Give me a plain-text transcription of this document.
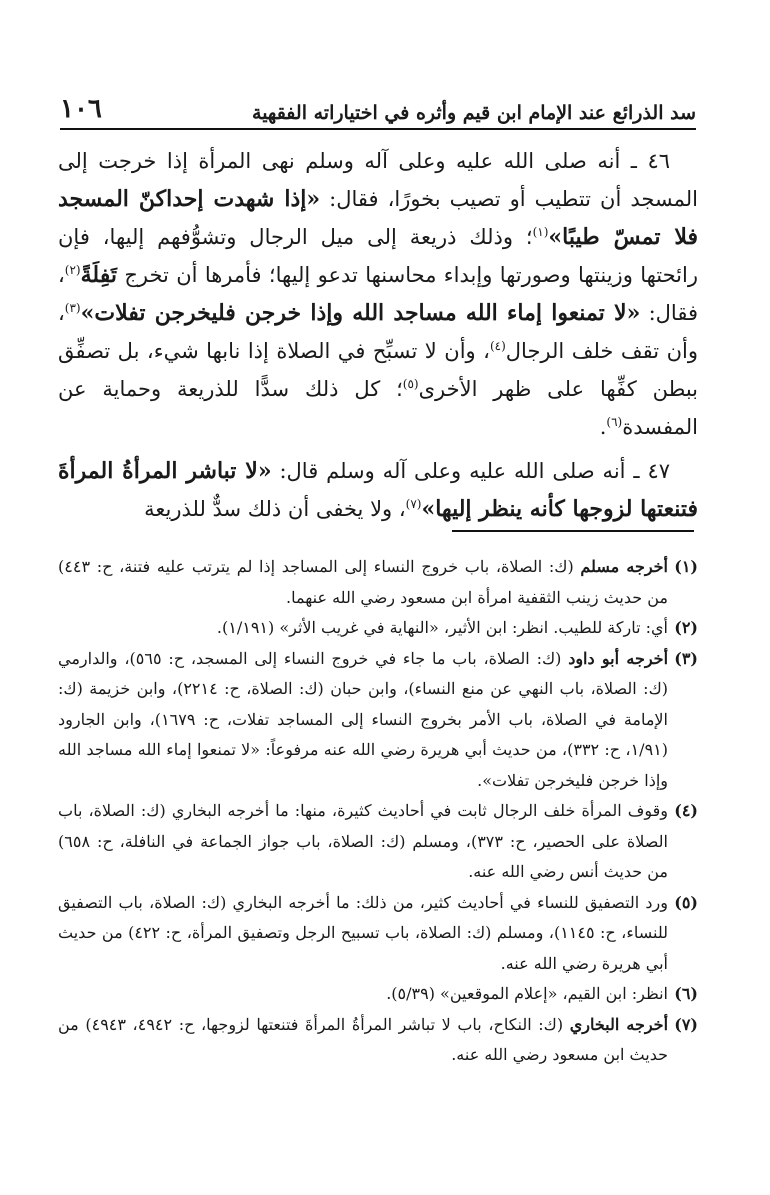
١٠٦	سد الذرائع عند الإمام ابن قيم وأثره في اختياراته الفقهية

٤٦ ـ أنه صلى الله عليه وعلى آله وسلم نهى المرأة إذا خرجت إلى المسجد أن تتطيب أو تصيب بخورًا، فقال: «إذا شهدت إحداكنّ المسجد فلا تمسّ طيبًا»$^{(١)}$؛ وذلك ذريعة إلى ميل الرجال وتشوُّفهم إليها، فإن رائحتها وزينتها وصورتها وإبداء محاسنها تدعو إليها؛ فأمرها أن تخرج تَفِلَةً$^{(٢)}$، فقال: «لا تمنعوا إماء الله مساجد الله وإذا خرجن فليخرجن تفلات»$^{(٣)}$، وأن تقف خلف الرجال$^{(٤)}$، وأن لا تسبِّح في الصلاة إذا نابها شيء، بل تصفِّق ببطن كفِّها على ظهر الأخرى$^{(٥)}$؛ كل ذلك سدًّا للذريعة وحماية عن المفسدة$^{(٦)}$.

٤٧ ـ أنه صلى الله عليه وعلى آله وسلم قال: «لا تباشر المرأةُ المرأةَ فتنعتها لزوجها كأنه ينظر إليها»$^{(٧)}$، ولا يخفى أن ذلك سدٌّ للذريعة

(١)
أخرجه مسلم (ك: الصلاة، باب خروج النساء إلى المساجد إذا لم يترتب عليه فتنة، ح: ٤٤٣) من حديث زينب الثقفية امرأة ابن مسعود رضي الله عنهما.
(٢)
أي: تاركة للطيب. انظر: ابن الأثير، «النهاية في غريب الأثر» (١/١٩١).
(٣)
أخرجه أبو داود (ك: الصلاة، باب ما جاء في خروج النساء إلى المسجد، ح: ٥٦٥)، والدارمي (ك: الصلاة، باب النهي عن منع النساء)، وابن حبان (ك: الصلاة، ح: ٢٢١٤)، وابن خزيمة (ك: الإمامة في الصلاة، باب الأمر بخروج النساء إلى المساجد تفلات، ح: ١٦٧٩)، وابن الجارود (١/٩١، ح: ٣٣٢)، من حديث أبي هريرة رضي الله عنه مرفوعاً: «لا تمنعوا إماء الله مساجد الله وإذا خرجن فليخرجن تفلات».
(٤)
وقوف المرأة خلف الرجال ثابت في أحاديث كثيرة، منها: ما أخرجه البخاري (ك: الصلاة، باب الصلاة على الحصير، ح: ٣٧٣)، ومسلم (ك: الصلاة، باب جواز الجماعة في النافلة، ح: ٦٥٨) من حديث أنس رضي الله عنه.
(٥)
ورد التصفيق للنساء في أحاديث كثير، من ذلك: ما أخرجه البخاري (ك: الصلاة، باب التصفيق للنساء، ح: ١١٤٥)، ومسلم (ك: الصلاة، باب تسبيح الرجل وتصفيق المرأة، ح: ٤٢٢) من حديث أبي هريرة رضي الله عنه.
(٦)
انظر: ابن القيم، «إعلام الموقعين» (٥/٣٩).
(٧)
أخرجه البخاري (ك: النكاح، باب لا تباشر المرأةُ المرأةَ فتنعتها لزوجها، ح: ٤٩٤٢، ٤٩٤٣) من حديث ابن مسعود رضي الله عنه.
